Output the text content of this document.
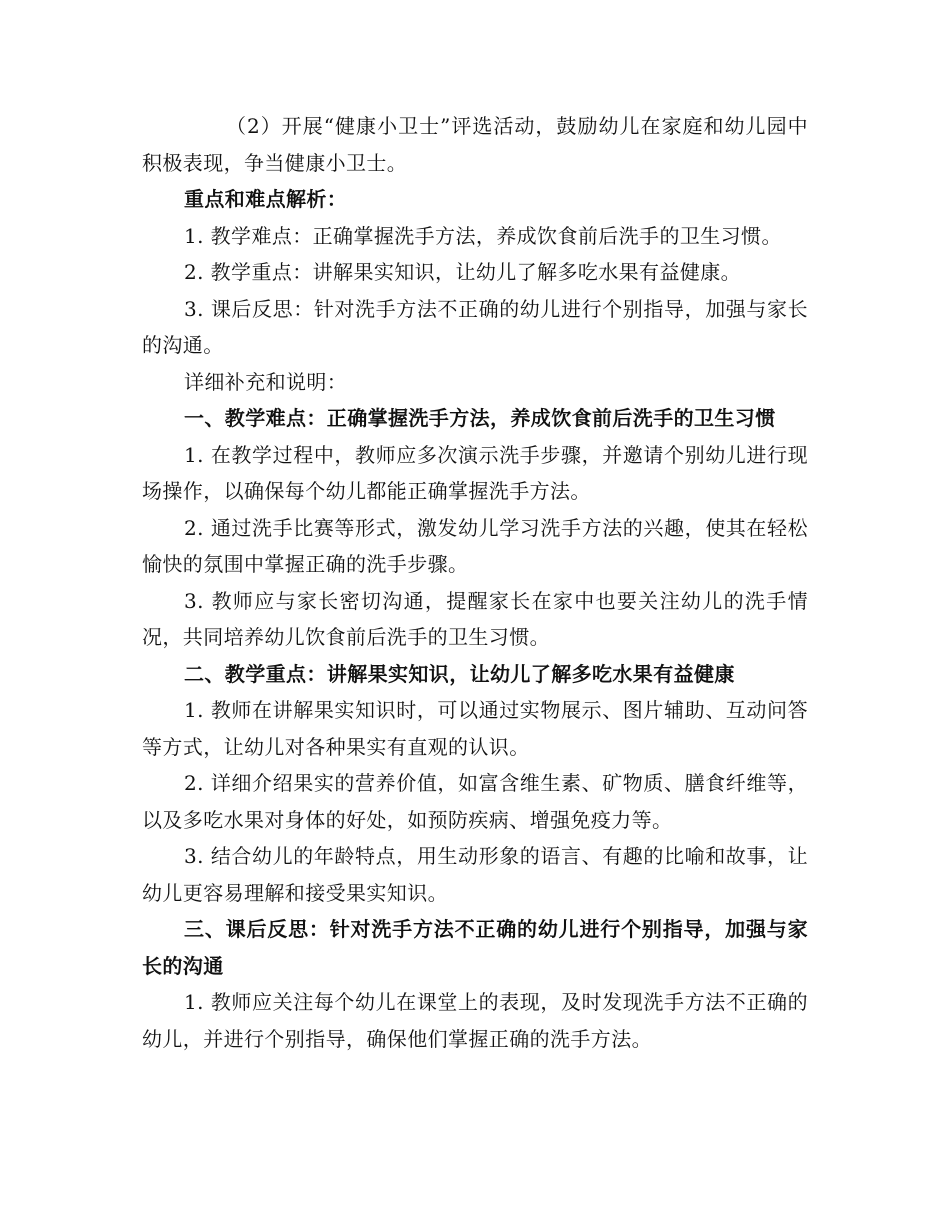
（2）开展“健康小卫士”评选活动，鼓励幼儿在家庭和幼儿园中积极表现，争当健康小卫士。

重点和难点解析：

1. 教学难点：正确掌握洗手方法，养成饮食前后洗手的卫生习惯。

2. 教学重点：讲解果实知识，让幼儿了解多吃水果有益健康。

3. 课后反思：针对洗手方法不正确的幼儿进行个别指导，加强与家长的沟通。

详细补充和说明：

一、教学难点：正确掌握洗手方法，养成饮食前后洗手的卫生习惯

1. 在教学过程中，教师应多次演示洗手步骤，并邀请个别幼儿进行现场操作，以确保每个幼儿都能正确掌握洗手方法。

2. 通过洗手比赛等形式，激发幼儿学习洗手方法的兴趣，使其在轻松愉快的氛围中掌握正确的洗手步骤。

3. 教师应与家长密切沟通，提醒家长在家中也要关注幼儿的洗手情况，共同培养幼儿饮食前后洗手的卫生习惯。

二、教学重点：讲解果实知识，让幼儿了解多吃水果有益健康

1. 教师在讲解果实知识时，可以通过实物展示、图片辅助、互动问答等方式，让幼儿对各种果实有直观的认识。

2. 详细介绍果实的营养价值，如富含维生素、矿物质、膳食纤维等，以及多吃水果对身体的好处，如预防疾病、增强免疫力等。

3. 结合幼儿的年龄特点，用生动形象的语言、有趣的比喻和故事，让幼儿更容易理解和接受果实知识。

三、课后反思：针对洗手方法不正确的幼儿进行个别指导，加强与家长的沟通

1. 教师应关注每个幼儿在课堂上的表现，及时发现洗手方法不正确的幼儿，并进行个别指导，确保他们掌握正确的洗手方法。
